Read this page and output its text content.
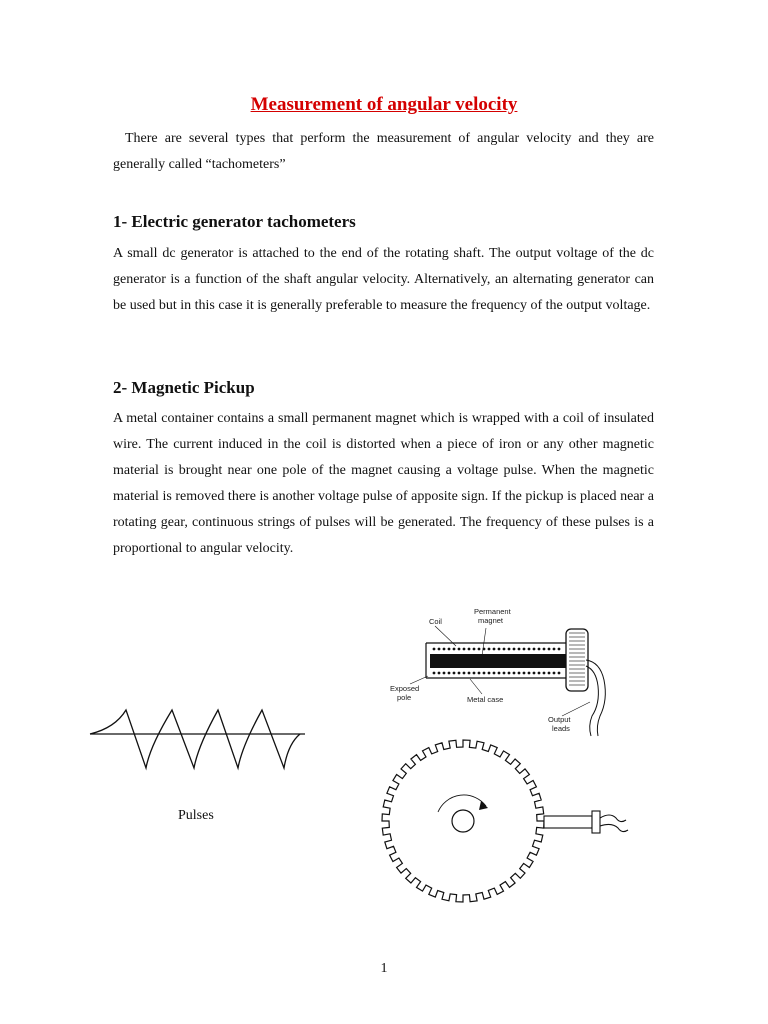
Measurement of angular velocity

There are several types that perform the measurement of angular velocity and they are generally called “tachometers”

1- Electric generator tachometers

A small dc generator is attached to the end of the rotating shaft. The output voltage of the dc generator is a function of the shaft angular velocity. Alternatively, an alternating generator can be used but in this case it is generally preferable to measure the frequency of the output voltage.

2- Magnetic Pickup

A metal container contains a small permanent magnet which is wrapped with a coil of insulated wire. The current induced in the coil is distorted when a piece of iron or any other magnetic material is brought near one pole of the magnet causing a voltage pulse. When the magnetic material is removed there is another voltage pulse of apposite sign. If the pickup is placed near a rotating gear, continuous strings of pulses will be generated. The frequency of these pulses is a proportional to angular velocity.

Coil
Permanent
magnet
Exposed
pole	Metal case
Output
leads
Pulses
1
